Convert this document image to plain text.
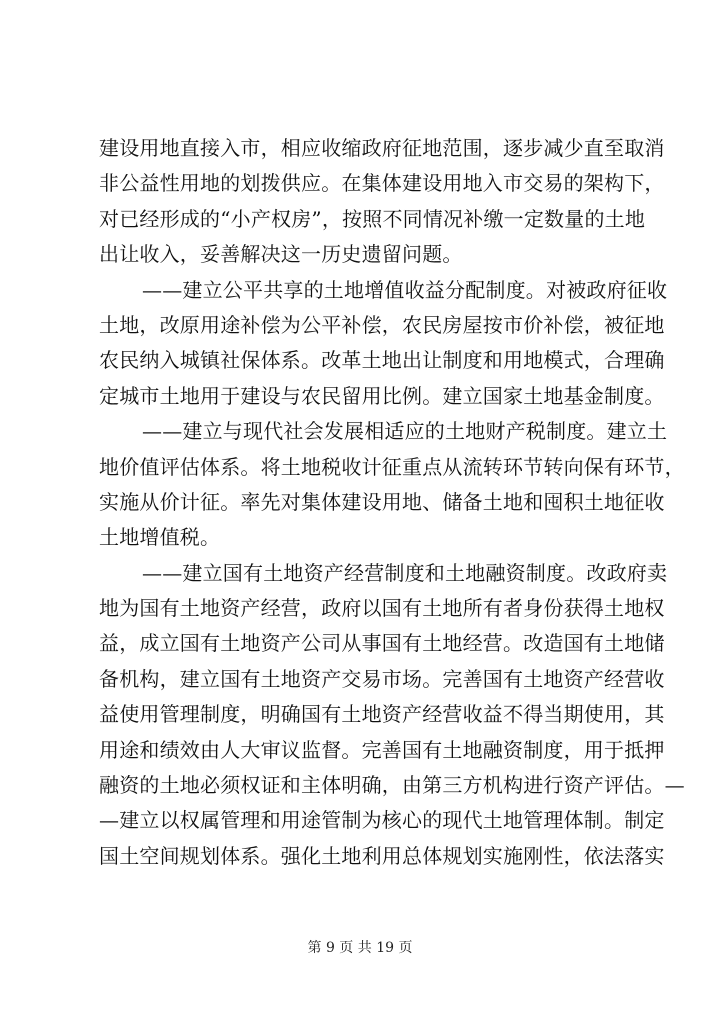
建设用地直接入市，相应收缩政府征地范围，逐步减少直至取消
非公益性用地的划拨供应。在集体建设用地入市交易的架构下，
对已经形成的“小产权房”，按照不同情况补缴一定数量的土地
出让收入，妥善解决这一历史遗留问题。
——建立公平共享的土地增值收益分配制度。对被政府征收
土地，改原用途补偿为公平补偿，农民房屋按市价补偿，被征地
农民纳入城镇社保体系。改革土地出让制度和用地模式，合理确
定城市土地用于建设与农民留用比例。建立国家土地基金制度。
——建立与现代社会发展相适应的土地财产税制度。建立土
地价值评估体系。将土地税收计征重点从流转环节转向保有环节，
实施从价计征。率先对集体建设用地、储备土地和囤积土地征收
土地增值税。
——建立国有土地资产经营制度和土地融资制度。改政府卖
地为国有土地资产经营，政府以国有土地所有者身份获得土地权
益，成立国有土地资产公司从事国有土地经营。改造国有土地储
备机构，建立国有土地资产交易市场。完善国有土地资产经营收
益使用管理制度，明确国有土地资产经营收益不得当期使用，其
用途和绩效由人大审议监督。完善国有土地融资制度，用于抵押
融资的土地必须权证和主体明确，由第三方机构进行资产评估。—
—建立以权属管理和用途管制为核心的现代土地管理体制。制定
国土空间规划体系。强化土地利用总体规划实施刚性，依法落实
第 9 页 共 19 页
